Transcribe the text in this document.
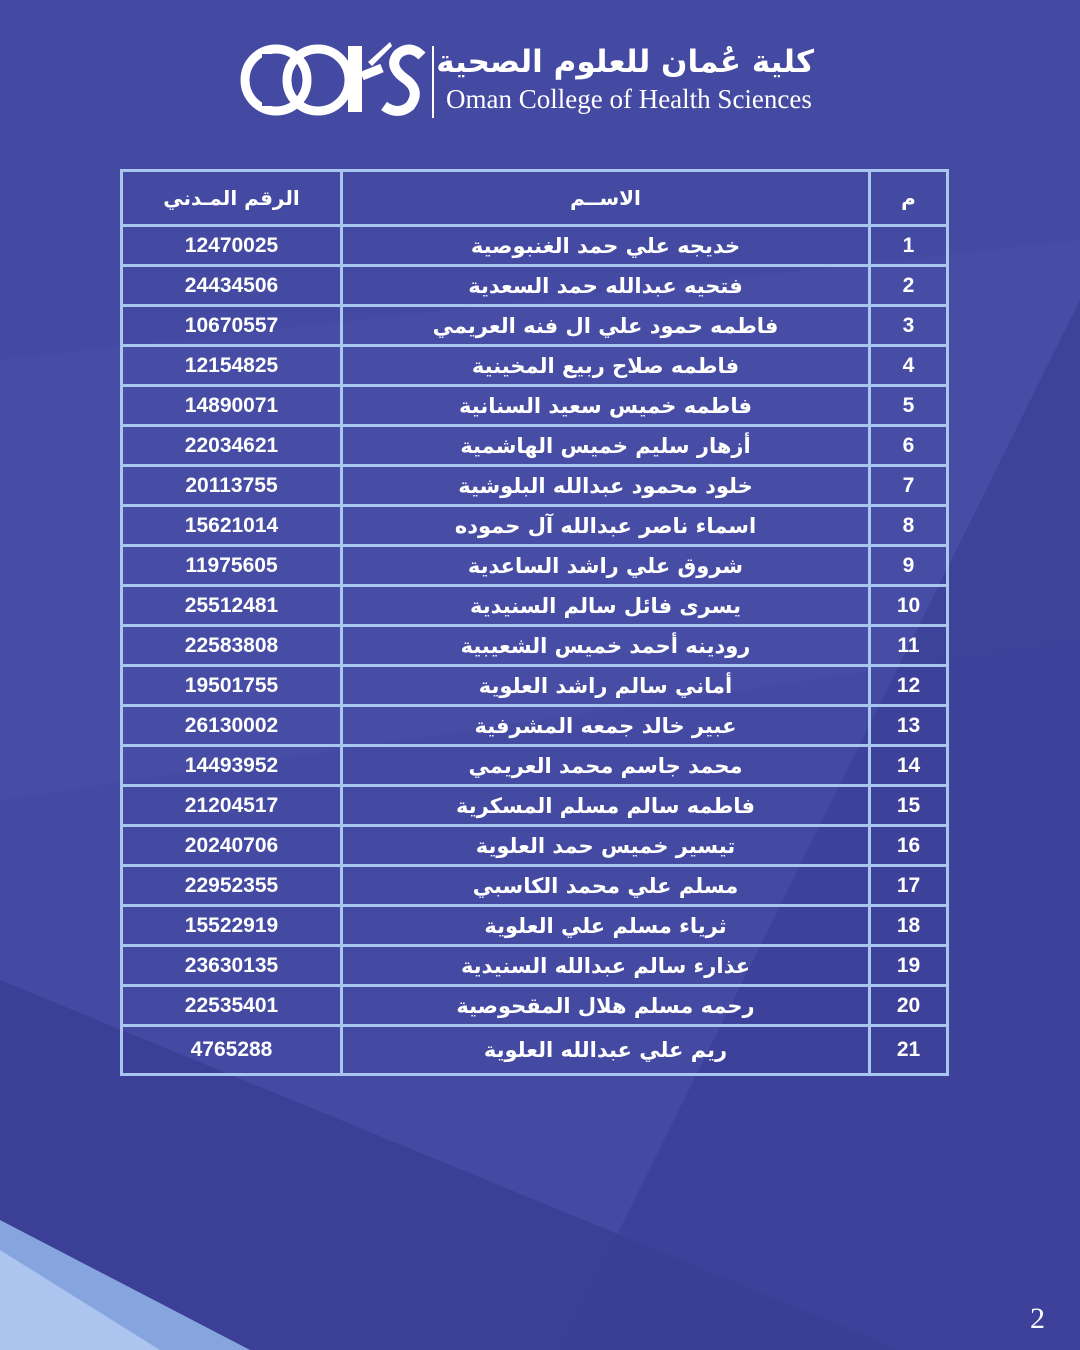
كلية عُمان للعلوم الصحية
Oman College of Health Sciences
م	الاســم	الرقم المـدني
1	خديجه علي حمد الغنبوصية	12470025
2	فتحيه عبدالله حمد السعدية	24434506
3	فاطمه حمود علي ال فنه العريمي	10670557
4	فاطمه صلاح ربيع المخينية	12154825
5	فاطمه خميس سعيد السنانية	14890071
6	أزهار سليم خميس الهاشمية	22034621
7	خلود محمود عبدالله البلوشية	20113755
8	اسماء ناصر عبدالله آل حموده	15621014
9	شروق علي راشد الساعدية	11975605
10	يسرى فائل سالم السنيدية	25512481
11	رودينه أحمد خميس الشعيبية	22583808
12	أماني سالم راشد العلوية	19501755
13	عبير خالد جمعه المشرفية	26130002
14	محمد جاسم محمد العريمي	14493952
15	فاطمه سالم مسلم المسكرية	21204517
16	تيسير خميس حمد العلوية	20240706
17	مسلم علي محمد الكاسبي	22952355
18	ثرياء مسلم علي العلوية	15522919
19	عذارء سالم عبدالله السنيدية	23630135
20	رحمه مسلم هلال المقحوصية	22535401
21	ريم علي عبدالله العلوية	4765288
2
